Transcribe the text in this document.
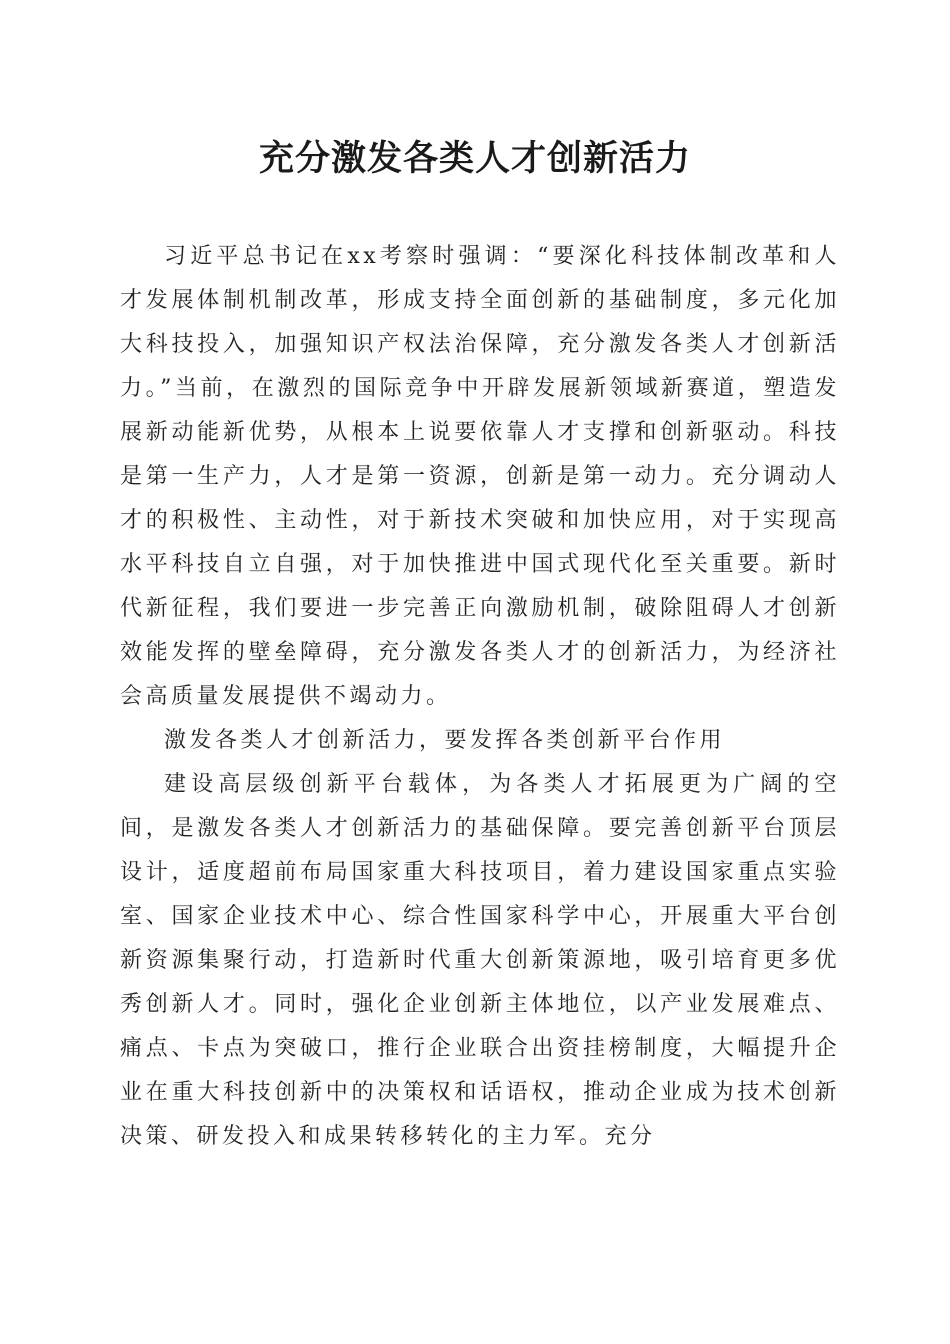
充分激发各类人才创新活力

习近平总书记在xx考察时强调：“要深化科技体制改革和人才发展体制机制改革，形成支持全面创新的基础制度，多元化加大科技投入，加强知识产权法治保障，充分激发各类人才创新活力。”当前，在激烈的国际竞争中开辟发展新领域新赛道，塑造发展新动能新优势，从根本上说要依靠人才支撑和创新驱动。科技是第一生产力，人才是第一资源，创新是第一动力。充分调动人才的积极性、主动性，对于新技术突破和加快应用，对于实现高水平科技自立自强，对于加快推进中国式现代化至关重要。新时代新征程，我们要进一步完善正向激励机制，破除阻碍人才创新效能发挥的壁垒障碍，充分激发各类人才的创新活力，为经济社会高质量发展提供不竭动力。

激发各类人才创新活力，要发挥各类创新平台作用

建设高层级创新平台载体，为各类人才拓展更为广阔的空间，是激发各类人才创新活力的基础保障。要完善创新平台顶层设计，适度超前布局国家重大科技项目，着力建设国家重点实验室、国家企业技术中心、综合性国家科学中心，开展重大平台创新资源集聚行动，打造新时代重大创新策源地，吸引培育更多优秀创新人才。同时，强化企业创新主体地位，以产业发展难点、痛点、卡点为突破口，推行企业联合出资挂榜制度，大幅提升企业在重大科技创新中的决策权和话语权，推动企业成为技术创新决策、研发投入和成果转移转化的主力军。充分
